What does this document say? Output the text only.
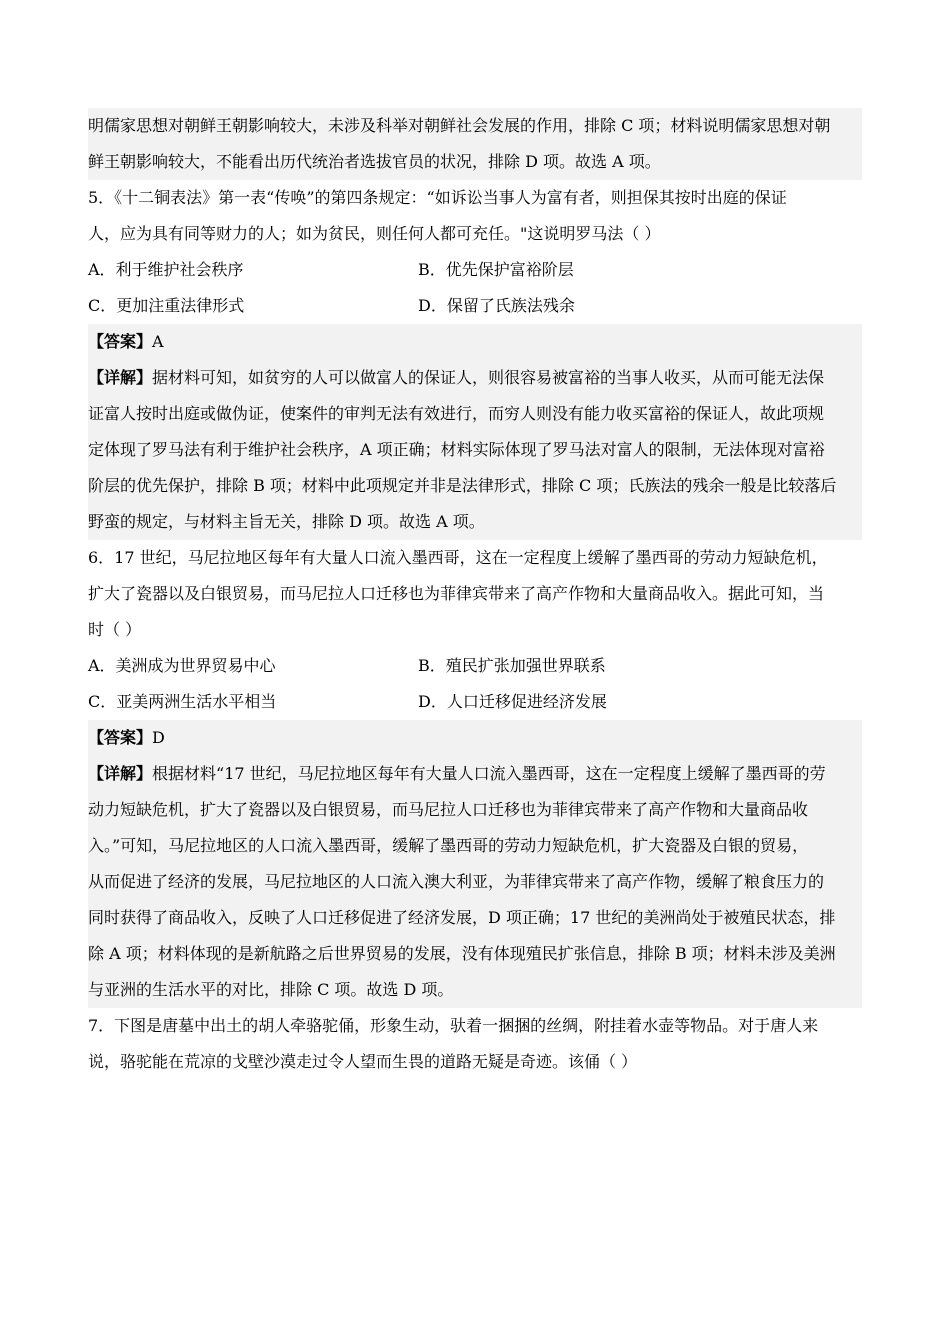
明儒家思想对朝鲜王朝影响较大，未涉及科举对朝鲜社会发展的作用，排除 C 项；材料说明儒家思想对朝
鲜王朝影响较大，不能看出历代统治者选拔官员的状况，排除 D 项。故选 A 项。
5．《十二铜表法》第一表“传唤”的第四条规定：“如诉讼当事人为富有者，则担保其按时出庭的保证
人，应为具有同等财力的人；如为贫民，则任何人都可充任。"这说明罗马法（ ）
A．利于维护社会秩序	B．优先保护富裕阶层
C．更加注重法律形式	D．保留了氏族法残余
【答案】A
【详解】据材料可知，如贫穷的人可以做富人的保证人，则很容易被富裕的当事人收买，从而可能无法保
证富人按时出庭或做伪证，使案件的审判无法有效进行，而穷人则没有能力收买富裕的保证人，故此项规
定体现了罗马法有利于维护社会秩序，A 项正确；材料实际体现了罗马法对富人的限制，无法体现对富裕
阶层的优先保护，排除 B 项；材料中此项规定并非是法律形式，排除 C 项；氏族法的残余一般是比较落后
野蛮的规定，与材料主旨无关，排除 D 项。故选 A 项。
6．17 世纪，马尼拉地区每年有大量人口流入墨西哥，这在一定程度上缓解了墨西哥的劳动力短缺危机，
扩大了瓷器以及白银贸易，而马尼拉人口迁移也为菲律宾带来了高产作物和大量商品收入。据此可知，当
时（ ）
A．美洲成为世界贸易中心	B．殖民扩张加强世界联系
C．亚美两洲生活水平相当	D．人口迁移促进经济发展
【答案】D
【详解】根据材料“17 世纪，马尼拉地区每年有大量人口流入墨西哥，这在一定程度上缓解了墨西哥的劳
动力短缺危机，扩大了瓷器以及白银贸易，而马尼拉人口迁移也为菲律宾带来了高产作物和大量商品收
入。”可知，马尼拉地区的人口流入墨西哥，缓解了墨西哥的劳动力短缺危机，扩大瓷器及白银的贸易，
从而促进了经济的发展，马尼拉地区的人口流入澳大利亚，为菲律宾带来了高产作物，缓解了粮食压力的
同时获得了商品收入，反映了人口迁移促进了经济发展，D 项正确；17 世纪的美洲尚处于被殖民状态，排
除 A 项；材料体现的是新航路之后世界贸易的发展，没有体现殖民扩张信息，排除 B 项；材料未涉及美洲
与亚洲的生活水平的对比，排除 C 项。故选 D 项。
7．下图是唐墓中出土的胡人牵骆驼俑，形象生动，驮着一捆捆的丝绸，附挂着水壶等物品。对于唐人来
说，骆驼能在荒凉的戈壁沙漠走过令人望而生畏的道路无疑是奇迹。该俑（ ）
